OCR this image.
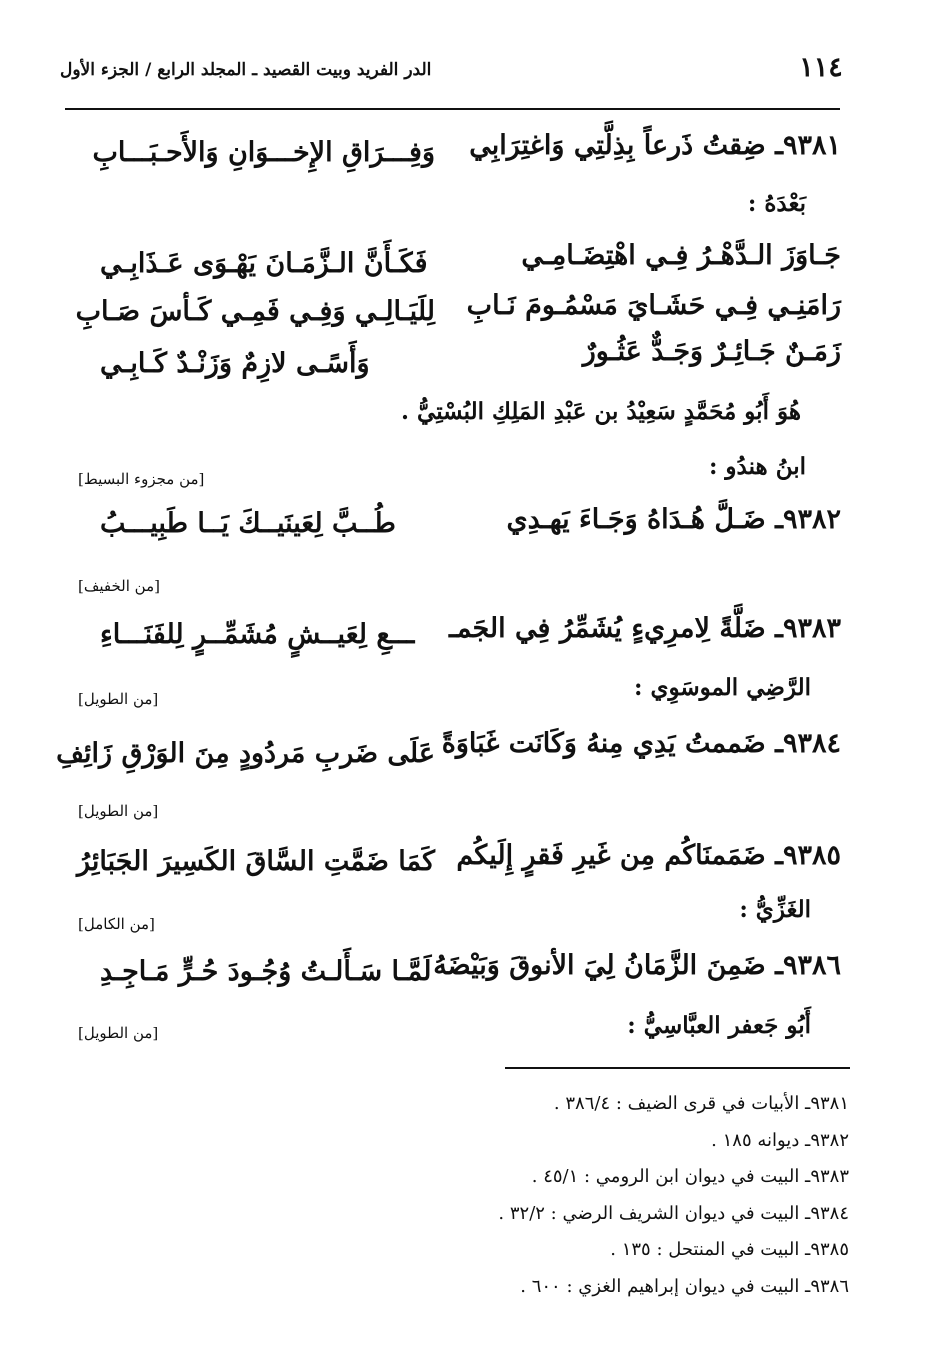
١١٤
الدر الفريد وبيت القصيد ـ المجلد الرابع / الجزء الأول
٩٣٨١ـ ضِقتُ ذَرعاً بِذِلَّتِي وَاغتِرَابِي
وَفِـــرَاقِ الإِخـــوَانِ وَالأَحـبَـــابِ
بَعْدَهُ :
جَـاوَزَ الـدَّهْـرُ فِـي اهْتِضَـامِـي
فَكَـأَنَّ الـزَّمَـانَ يَهْـوَى عَـذَابِـي
رَامَنِـي فِـي حَشَـايَ مَسْمُـومَ نَـابِ
لِلَيَـالِـي وَفِـي فَمِـي كَـأسَ صَـابِ
زَمَـنٌ جَـائِـرٌ وَجَـدٌّ عَثُـورٌ
وَأَسًـى لازِمٌ وَزَنْـدٌ كَـابِـي
هُوَ أَبُو مُحَمَّدٍ سَعِيْدُ بن عَبْدِ المَلِكِ البُسْتِيُّ .
ابنُ هندُو :
[من مجزوء البسيط]
٩٣٨٢ـ ضَـلَّ هُـدَاهُ وَجَـاءَ يَهـدِي
طُــبَّ لِعَينَيــكَ يَــا طَبِيـــبُ
[من الخفيف]
٩٣٨٣ـ ضَلَّةً لِامرِيءٍ يُشَمِّرُ فِي الجَمـ
ـــعِ لِعَيــشٍ مُشَمِّــرٍ لِلفَنَـــاءِ
الرَّضِي الموسَوِي :
[من الطويل]
٩٣٨٤ـ ضَممتُ يَدِي مِنهُ وَكَانَت غَبَاوَةً
عَلَى ضَربِ مَردُودٍ مِنَ الوَرْقِ زَائِفِ
[من الطويل]
٩٣٨٥ـ ضَمَمنَاكُم مِن غَيرِ فَقرٍ إِلَيكُم
كَمَا ضَمَّتِ السَّاقَ الكَسِيرَ الجَبَائِرُ
الغَزِّيُّ :
[من الكامل]
٩٣٨٦ـ ضَمِنَ الزَّمَانُ لِيَ الأنوقَ وَبَيْضَهُ
لَمَّـا سَـأَلـتُ وُجُـودَ حُـرٍّ مَـاجِـدِ
أَبُو جَعفر العبَّاسِيُّ :
[من الطويل]
٩٣٨١ـ الأبيات في قرى الضيف : ٣٨٦/٤ .
٩٣٨٢ـ ديوانه ١٨٥ .
٩٣٨٣ـ البيت في ديوان ابن الرومي : ٤٥/١ .
٩٣٨٤ـ البيت في ديوان الشريف الرضي : ٣٢/٢ .
٩٣٨٥ـ البيت في المنتحل : ١٣٥ .
٩٣٨٦ـ البيت في ديوان إبراهيم الغزي : ٦٠٠ .
